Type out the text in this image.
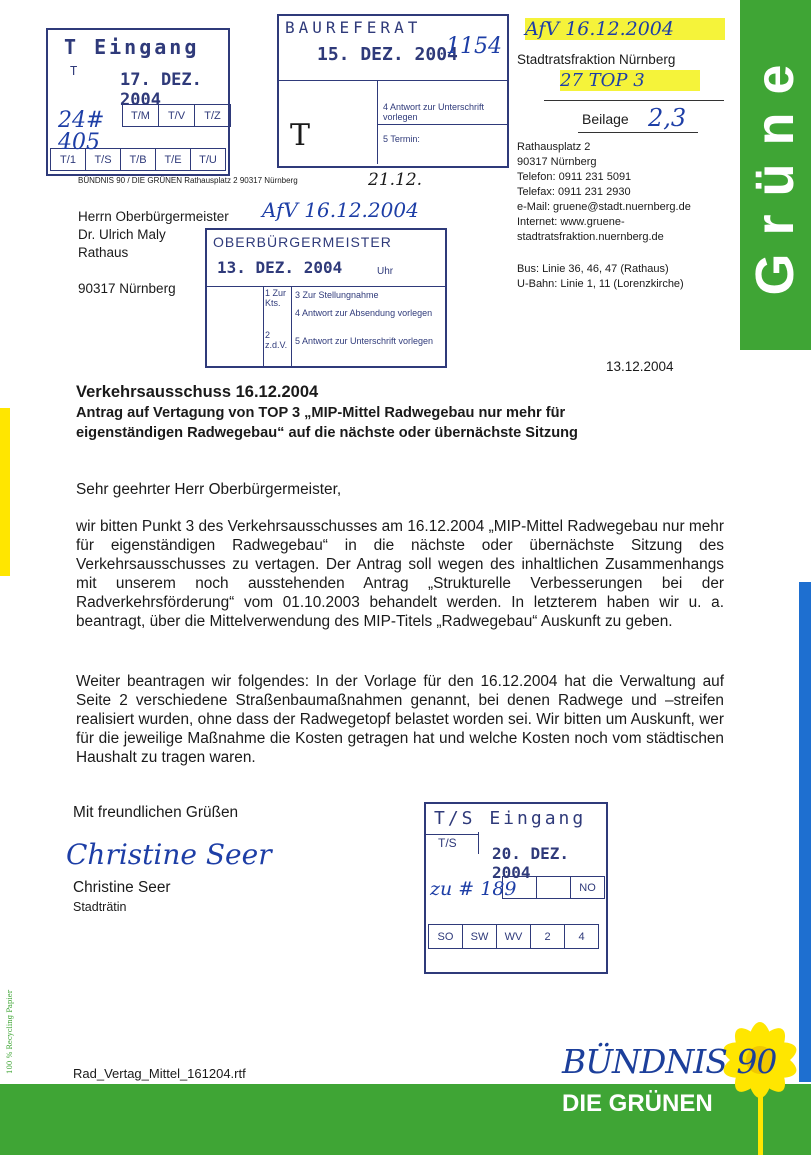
Grüne
T Eingang
T	17. DEZ. 2004
T/M	T/V	T/Z
T/1	T/S	T/B	T/E	T/U
24# 405
BÜNDNIS 90 / DIE GRÜNEN Rathausplatz 2 90317 Nürnberg	21.12.
BAUREFERAT
15. DEZ. 2004
4 Antwort zur Unterschrift vorlegen
5 Termin:
1154
T
AfV 16.12.2004
Stadtratsfraktion Nürnberg
27 TOP 3
Beilage 2,3
Rathausplatz 2
90317 Nürnberg
Telefon: 0911 231 5091
Telefax: 0911 231 2930
e-Mail: gruene@stadt.nuernberg.de
Internet: www.gruene-
stadtratsfraktion.nuernberg.de
Bus: Linie 36, 46, 47 (Rathaus)
U-Bahn: Linie 1, 11 (Lorenzkirche)
Herrn Oberbürgermeister
Dr. Ulrich Maly
Rathaus
90317 Nürnberg
AfV 16.12.2004
OBERBÜRGERMEISTER
13. DEZ. 2004	Uhr
1 Zur Kts.
2 z.d.V.
3 Zur Stellungnahme
4 Antwort zur Absendung vorlegen
5 Antwort zur Unterschrift vorlegen
13.12.2004
Verkehrsausschuss 16.12.2004
Antrag auf Vertagung von TOP 3 „MIP-Mittel Radwegebau nur mehr für
eigenständigen Radwegebau“ auf die nächste oder übernächste Sitzung
Sehr geehrter Herr Oberbürgermeister,
wir bitten Punkt 3 des Verkehrsausschusses am 16.12.2004 „MIP-Mittel Radwegebau nur mehr für eigenständigen Radwegebau“ in die nächste oder übernächste Sitzung des Verkehrsausschusses zu vertagen. Der Antrag soll wegen des inhaltlichen Zusammenhangs mit unserem noch ausstehenden Antrag „Strukturelle Verbesserungen bei der Radverkehrsförderung“ vom 01.10.2003 behandelt werden. In letzterem haben wir u. a. beantragt, über die Mittelverwendung des MIP-Titels „Radwegebau“ Auskunft zu geben.
Weiter beantragen wir folgendes: In der Vorlage für den 16.12.2004 hat die Verwaltung auf Seite 2 verschiedene Straßenbaumaßnahmen genannt, bei denen Radwege und –streifen realisiert wurden, ohne dass der Radwegetopf belastet worden sei. Wir bitten um Auskunft, wer für die jeweilige Maßnahme die Kosten getragen hat und welche Kosten noch vom städtischen Haushalt zu tragen waren.
Mit freundlichen Grüßen
Christine Seer
Christine Seer
Stadträtin
T/S Eingang
T/S
20. DEZ. 2004
NO
SO	SW	WV	2	4
zu # 189
100 % Recycling Papier	Rad_Vertag_Mittel_161204.rtf	BÜNDNIS 90
DIE GRÜNEN
